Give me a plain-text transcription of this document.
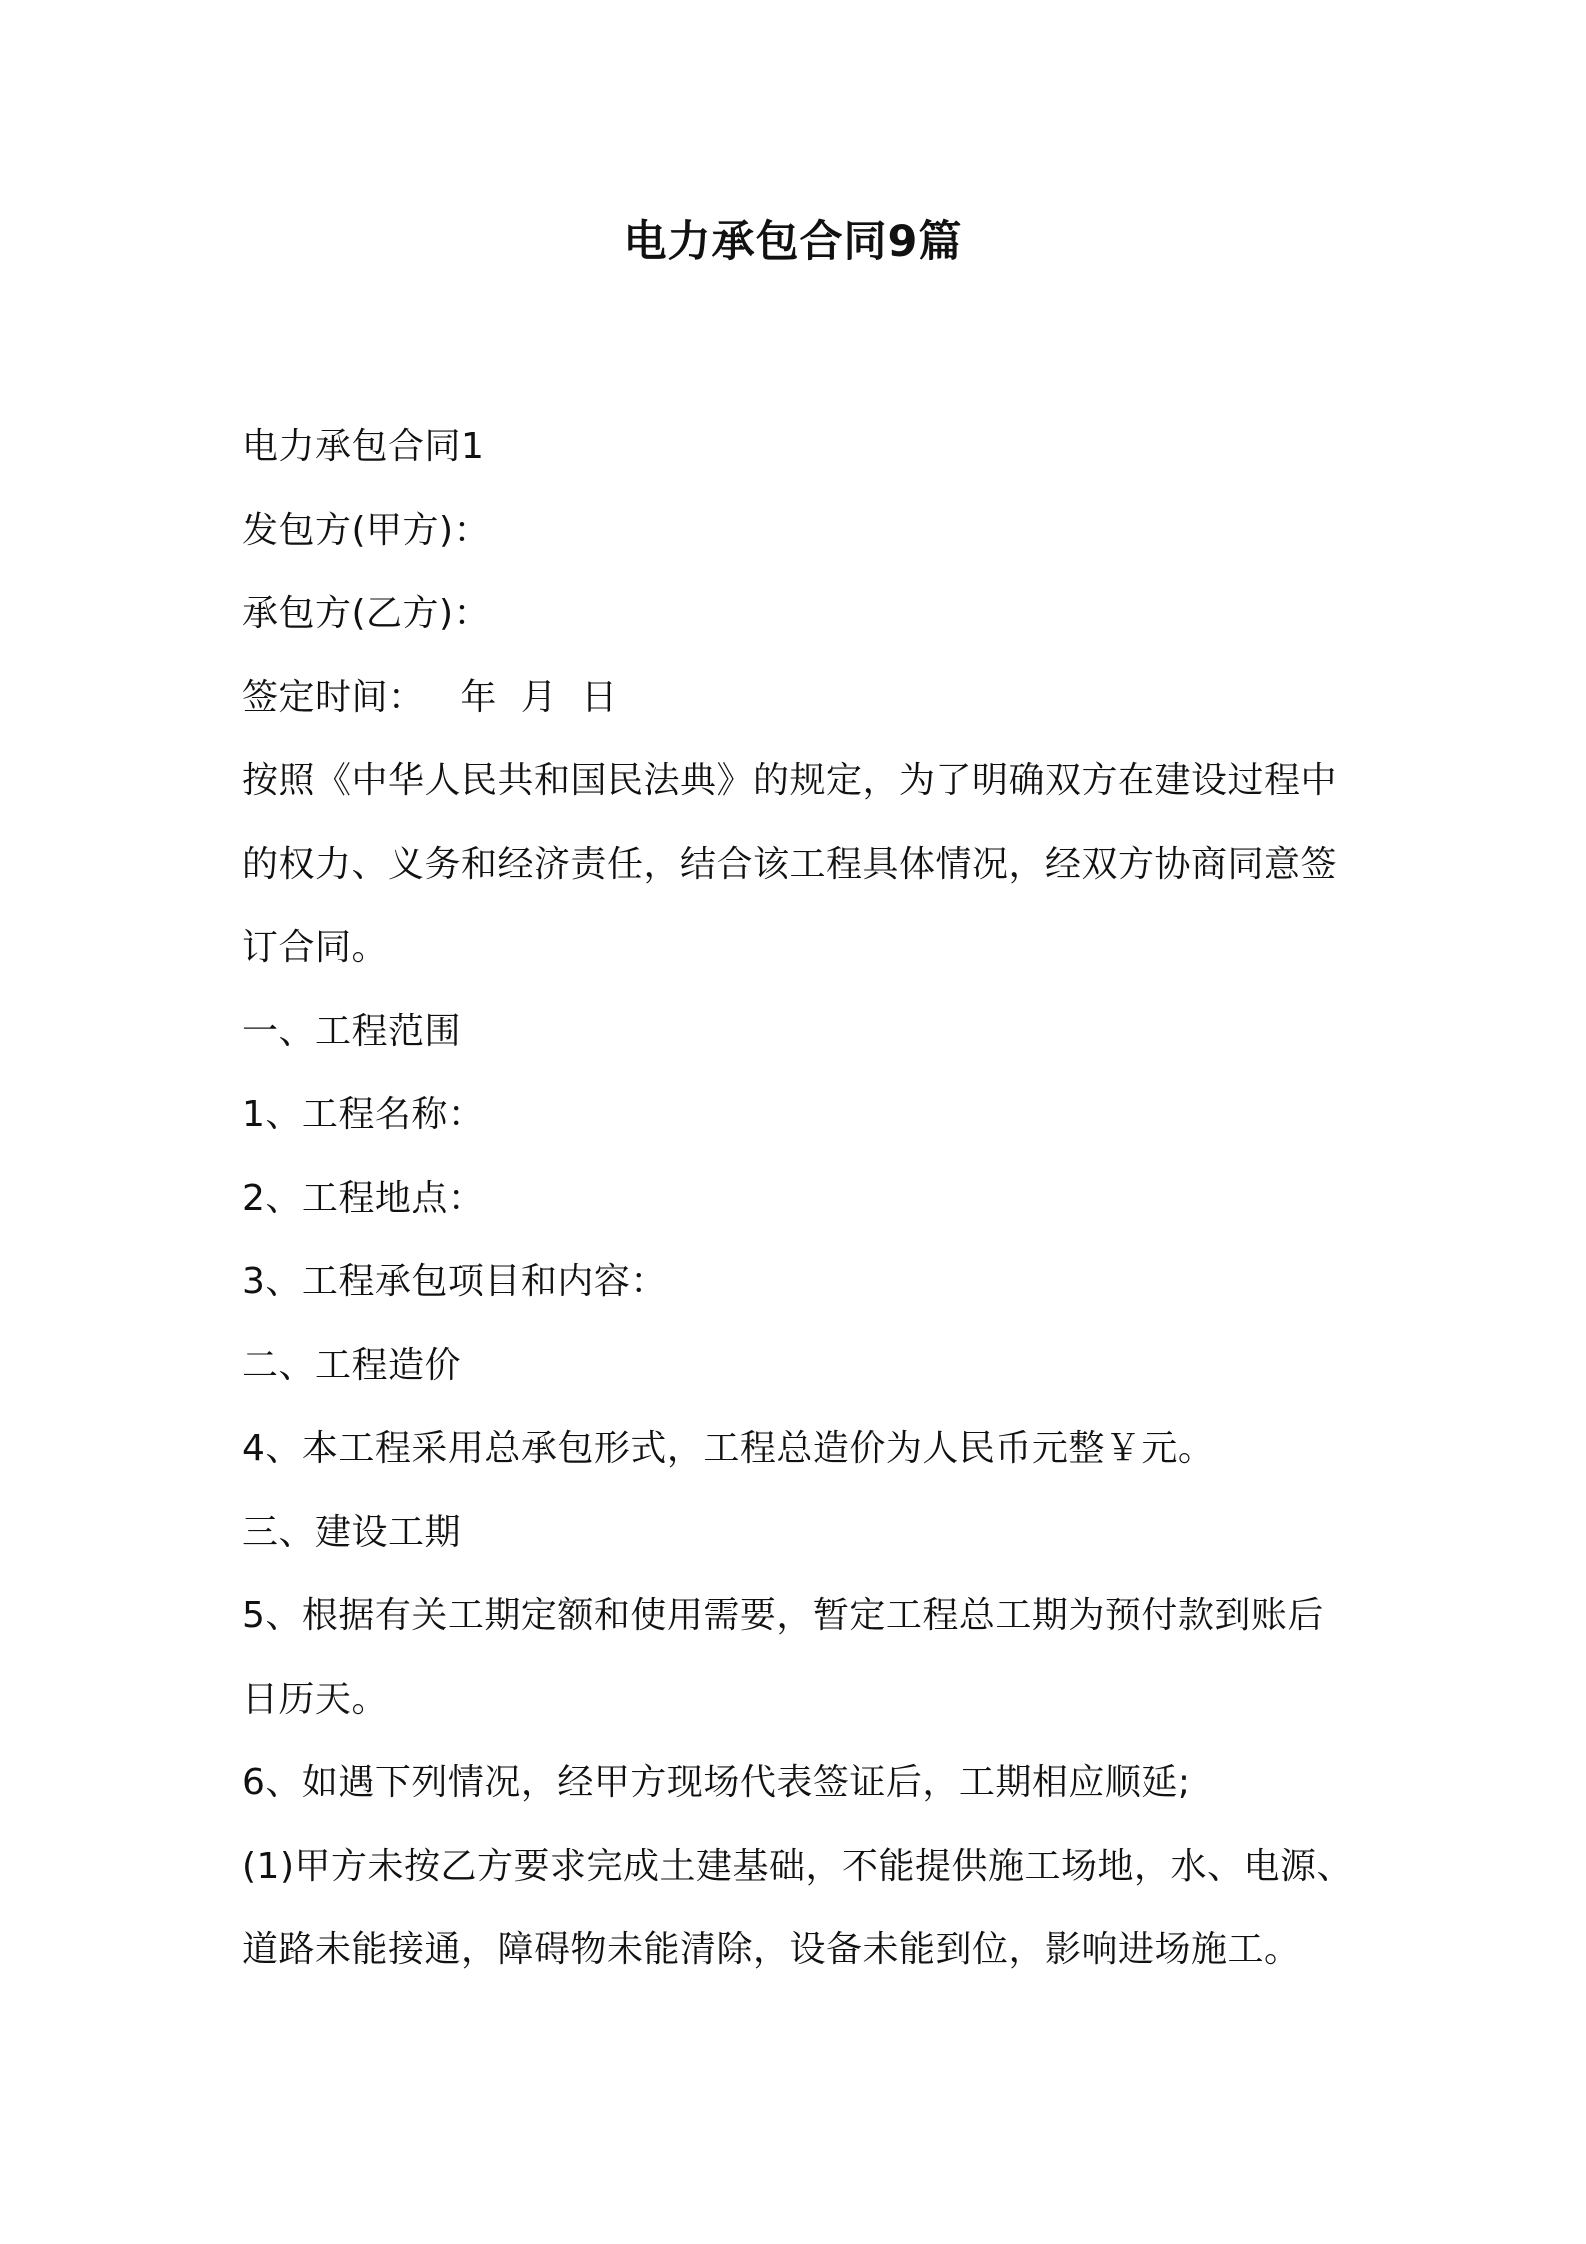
电力承包合同9篇
电力承包合同1
发包方(甲方)：
承包方(乙方)：
签定时间：   年  月  日
按照《中华人民共和国民法典》的规定，为了明确双方在建设过程中
的权力、义务和经济责任，结合该工程具体情况，经双方协商同意签
订合同。
一、工程范围
1、工程名称：
2、工程地点：
3、工程承包项目和内容：
二、工程造价
4、本工程采用总承包形式，工程总造价为人民币元整￥元。
三、建设工期
5、根据有关工期定额和使用需要，暂定工程总工期为预付款到账后
日历天。
6、如遇下列情况，经甲方现场代表签证后，工期相应顺延;
(1)甲方未按乙方要求完成土建基础，不能提供施工场地，水、电源、
道路未能接通，障碍物未能清除，设备未能到位，影响进场施工。
